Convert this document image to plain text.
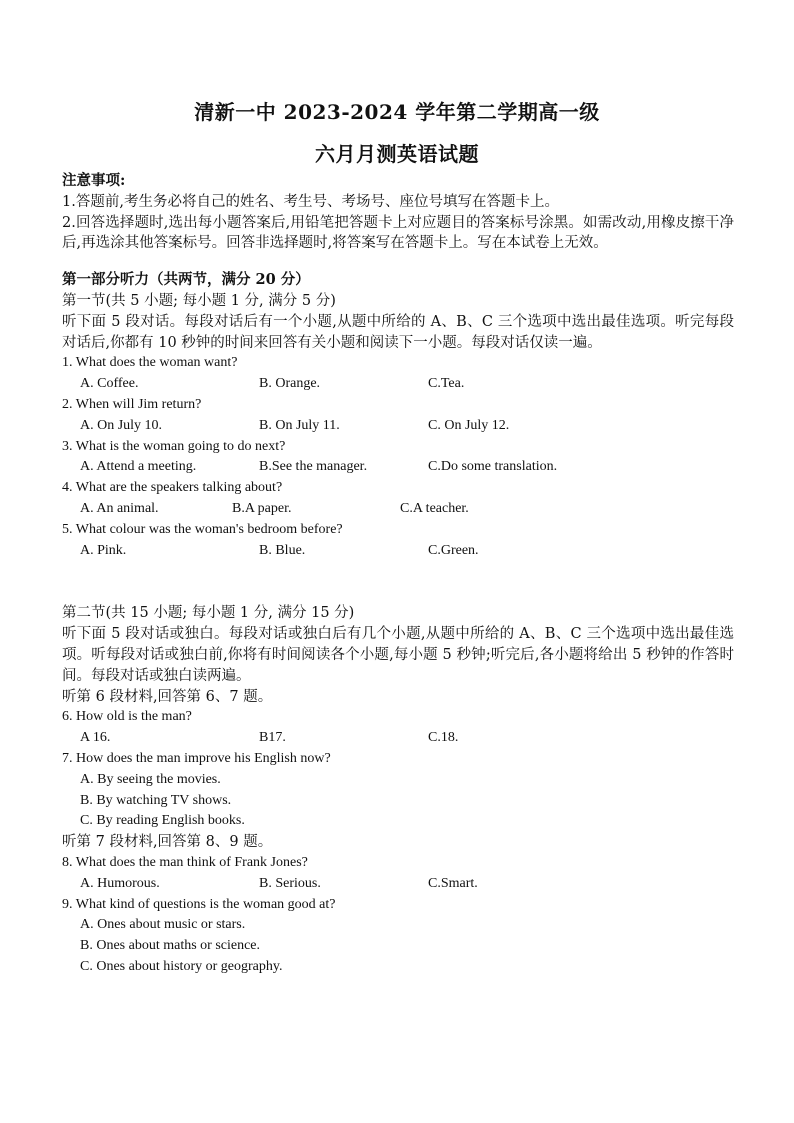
清新一中 2023-2024 学年第二学期高一级
六月月测英语试题
注意事项:
1.答题前,考生务必将自己的姓名、考生号、考场号、座位号填写在答题卡上。
2.回答选择题时,选出每小题答案后,用铅笔把答题卡上对应题目的答案标号涂黑。如需改动,用橡皮擦干净后,再选涂其他答案标号。回答非选择题时,将答案写在答题卡上。写在本试卷上无效。
第一部分听力（共两节，满分 20 分）
第一节(共 5 小题; 每小题 1 分, 满分 5 分)
听下面 5 段对话。每段对话后有一个小题,从题中所给的 A、B、C 三个选项中选出最佳选项。听完每段对话后,你都有 10 秒钟的时间来回答有关小题和阅读下一小题。每段对话仅读一遍。
1. What does the woman want?
A. Coffee.	B. Orange.	C.Tea.
2. When will Jim return?
A. On July 10.	B. On July 11.	C. On July 12.
3. What is the woman going to do next?
A. Attend a meeting.	B.See the manager.	C.Do some translation.
4. What are the speakers talking about?
A. An animal.	B.A paper.	C.A teacher.
5. What colour was the woman's bedroom before?
A. Pink.	B. Blue.	C.Green.
第二节(共 15 小题; 每小题 1 分, 满分 15 分)
听下面 5 段对话或独白。每段对话或独白后有几个小题,从题中所给的 A、B、C 三个选项中选出最佳选项。听每段对话或独白前,你将有时间阅读各个小题,每小题 5 秒钟;听完后,各小题将给出 5 秒钟的作答时间。每段对话或独白读两遍。
听第 6 段材料,回答第 6、7 题。
6. How old is the man?
A 16.	B17.	C.18.
7. How does the man improve his English now?
A. By seeing the movies.
B. By watching TV shows.
C. By reading English books.
听第 7 段材料,回答第 8、9 题。
8. What does the man think of Frank Jones?
A. Humorous.	B. Serious.	C.Smart.
9. What kind of questions is the woman good at?
A. Ones about music or stars.
B. Ones about maths or science.
C. Ones about history or geography.
